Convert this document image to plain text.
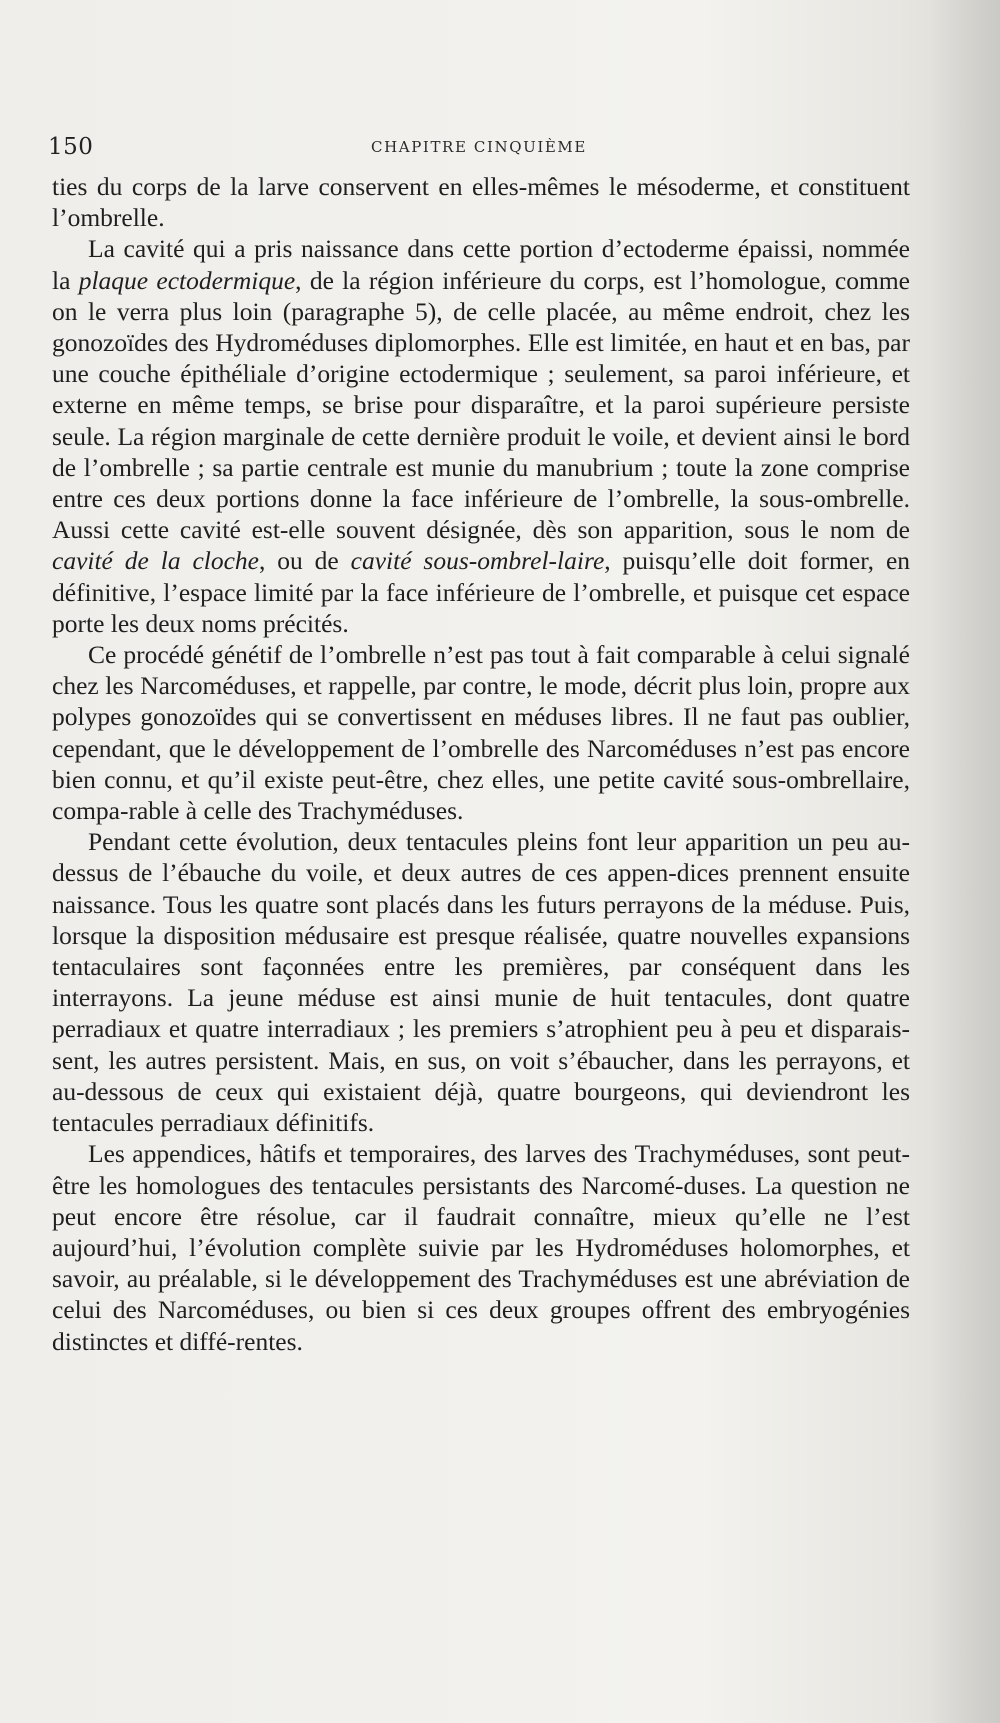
150	CHAPITRE CINQUIÈME

ties du corps de la larve conservent en elles-mêmes le mésoderme, et constituent l’ombrelle.

La cavité qui a pris naissance dans cette portion d’ectoderme épaissi, nommée la plaque ectodermique, de la région inférieure du corps, est l’homologue, comme on le verra plus loin (paragraphe 5), de celle placée, au même endroit, chez les gonozoïdes des Hydroméduses diplomorphes. Elle est limitée, en haut et en bas, par une couche épithéliale d’origine ectodermique ; seulement, sa paroi inférieure, et externe en même temps, se brise pour disparaître, et la paroi supérieure persiste seule. La région marginale de cette dernière produit le voile, et devient ainsi le bord de l’ombrelle ; sa partie centrale est munie du manubrium ; toute la zone comprise entre ces deux portions donne la face inférieure de l’ombrelle, la sous-ombrelle. Aussi cette cavité est-elle souvent désignée, dès son apparition, sous le nom de cavité de la cloche, ou de cavité sous-ombrel-laire, puisqu’elle doit former, en définitive, l’espace limité par la face inférieure de l’ombrelle, et puisque cet espace porte les deux noms précités.

Ce procédé génétif de l’ombrelle n’est pas tout à fait comparable à celui signalé chez les Narcoméduses, et rappelle, par contre, le mode, décrit plus loin, propre aux polypes gonozoïdes qui se convertissent en méduses libres. Il ne faut pas oublier, cependant, que le développement de l’ombrelle des Narcoméduses n’est pas encore bien connu, et qu’il existe peut-être, chez elles, une petite cavité sous-ombrellaire, compa-rable à celle des Trachyméduses.

Pendant cette évolution, deux tentacules pleins font leur apparition un peu au-dessus de l’ébauche du voile, et deux autres de ces appen-dices prennent ensuite naissance. Tous les quatre sont placés dans les futurs perrayons de la méduse. Puis, lorsque la disposition médusaire est presque réalisée, quatre nouvelles expansions tentaculaires sont façonnées entre les premières, par conséquent dans les interrayons. La jeune méduse est ainsi munie de huit tentacules, dont quatre perradiaux et quatre interradiaux ; les premiers s’atrophient peu à peu et disparais-sent, les autres persistent. Mais, en sus, on voit s’ébaucher, dans les perrayons, et au-dessous de ceux qui existaient déjà, quatre bourgeons, qui deviendront les tentacules perradiaux définitifs.

Les appendices, hâtifs et temporaires, des larves des Trachyméduses, sont peut-être les homologues des tentacules persistants des Narcomé-duses. La question ne peut encore être résolue, car il faudrait connaître, mieux qu’elle ne l’est aujourd’hui, l’évolution complète suivie par les Hydroméduses holomorphes, et savoir, au préalable, si le développement des Trachyméduses est une abréviation de celui des Narcoméduses, ou bien si ces deux groupes offrent des embryogénies distinctes et diffé-rentes.
